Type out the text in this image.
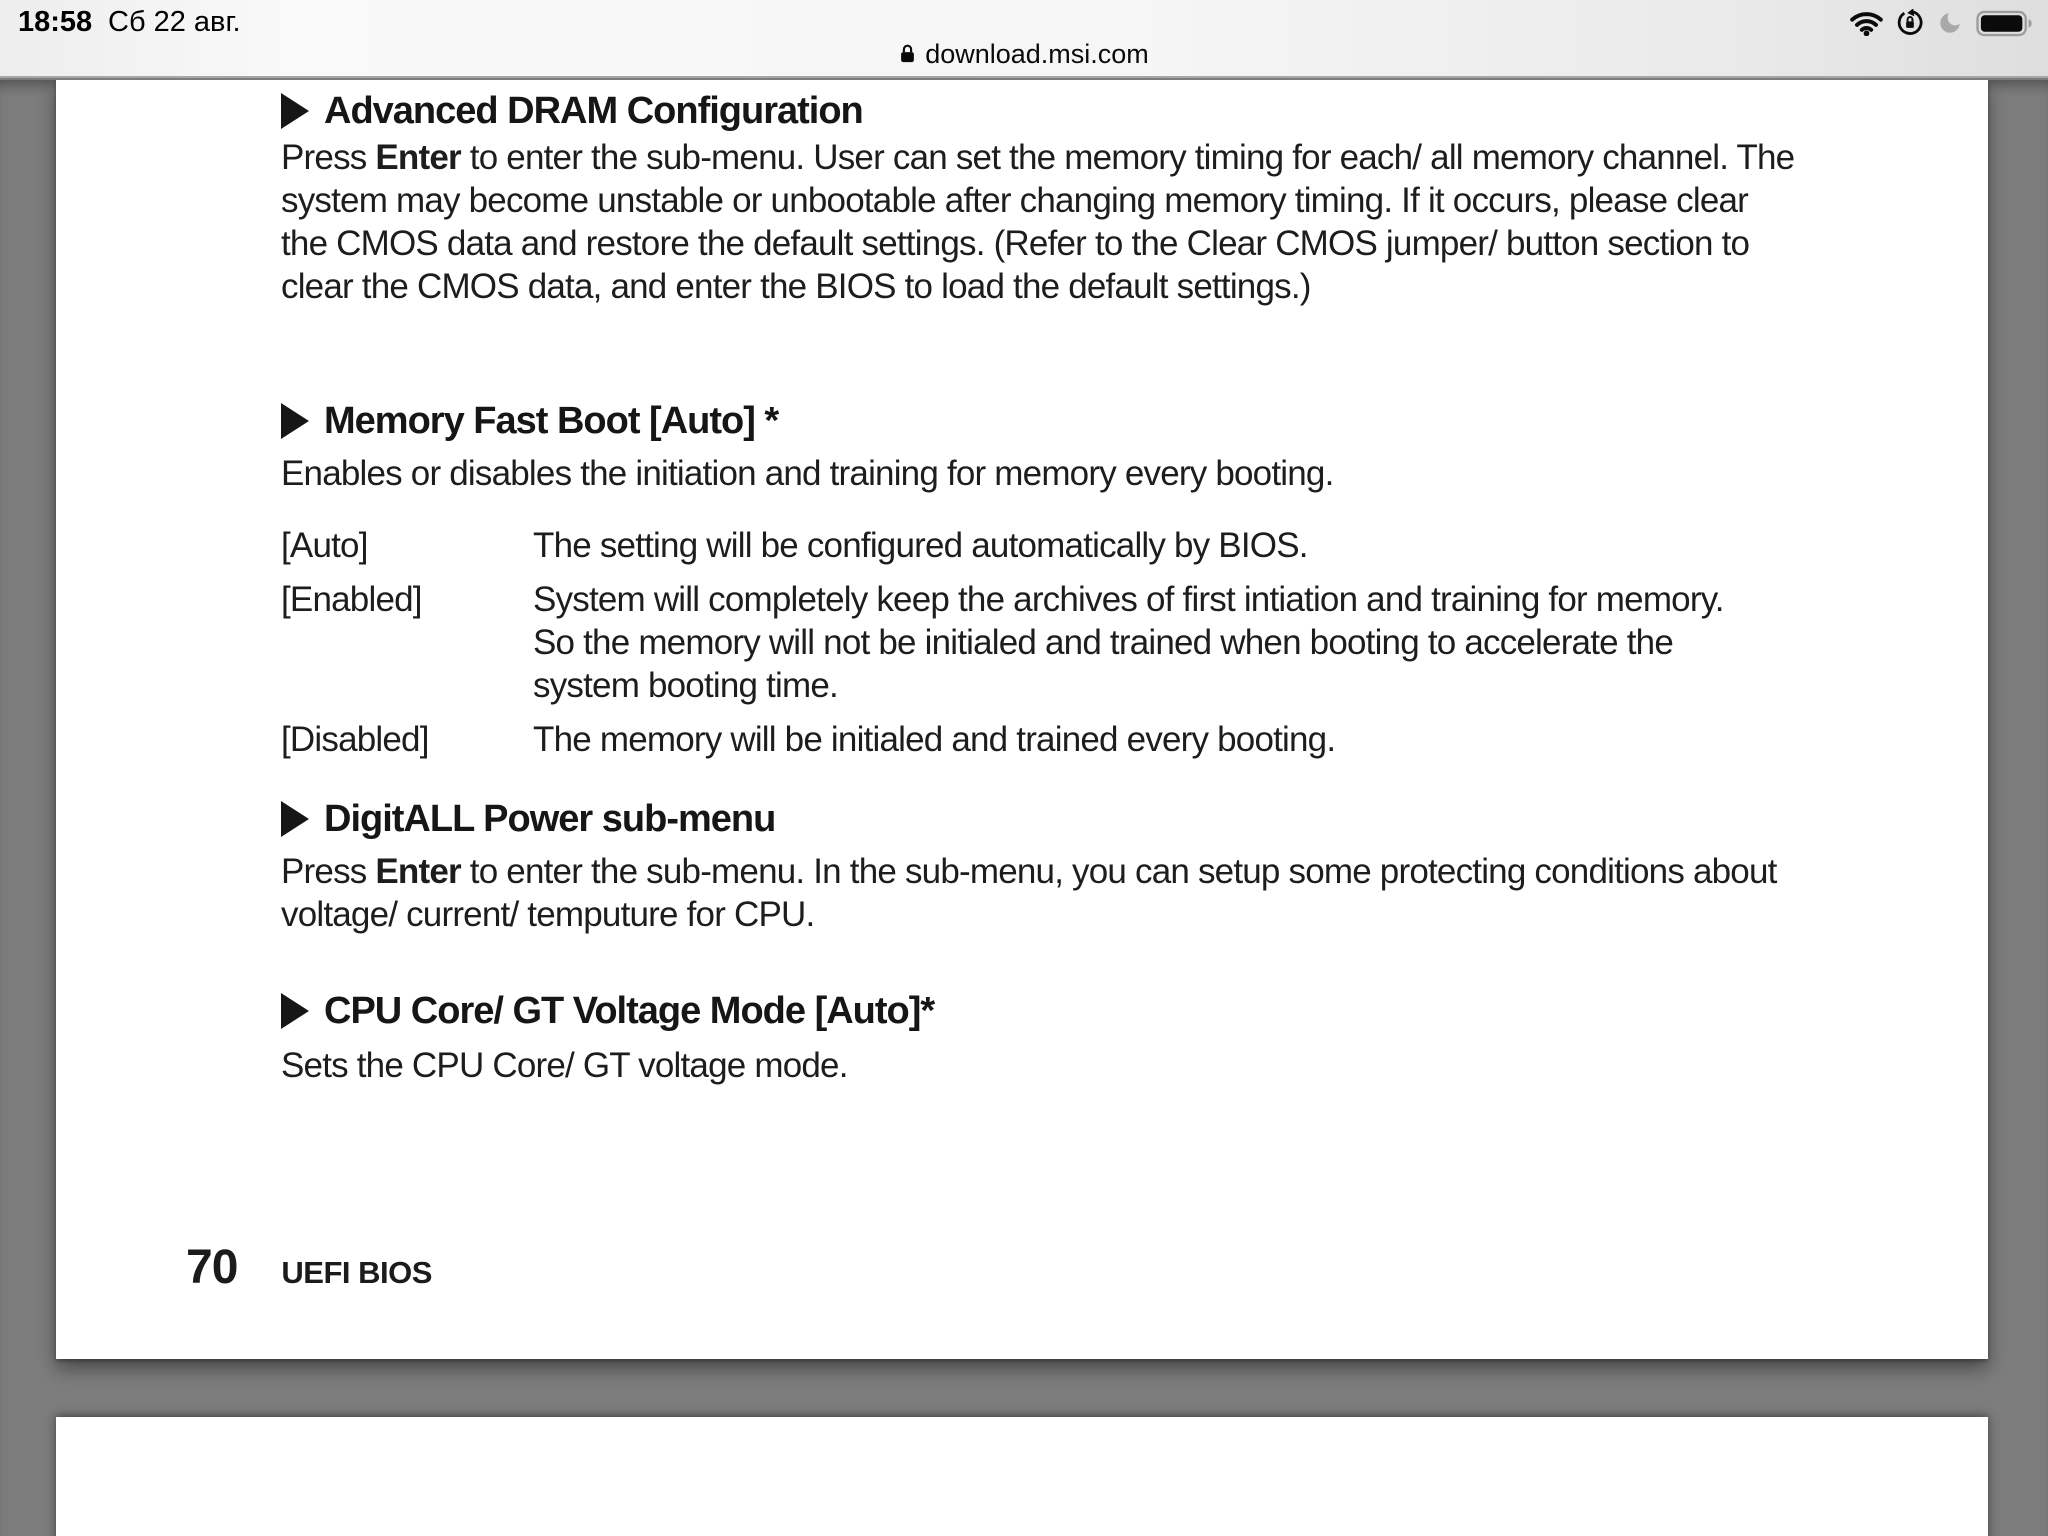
18:58 Сб 22 авг.
download.msi.com
Advanced DRAM Configuration

Press Enter to enter the sub-menu. User can set the memory timing for each/ all memory channel. The system may become unstable or unbootable after changing memory timing. If it occurs, please clear the CMOS data and restore the default settings. (Refer to the Clear CMOS jumper/ button section to clear the CMOS data, and enter the BIOS to load the default settings.)

Memory Fast Boot [Auto] *

Enables or disables the initiation and training for memory every booting.

[Auto]	The setting will be configured automatically by BIOS.
[Enabled]	System will completely keep the archives of first intiation and training for memory. So the memory will not be initialed and trained when booting to accelerate the system booting time.
[Disabled]	The memory will be initialed and trained every booting.
DigitALL Power sub-menu

Press Enter to enter the sub-menu. In the sub-menu, you can setup some protecting conditions about voltage/ current/ temputure for CPU.

CPU Core/ GT Voltage Mode [Auto]*

Sets the CPU Core/ GT voltage mode.

70 UEFI BIOS
